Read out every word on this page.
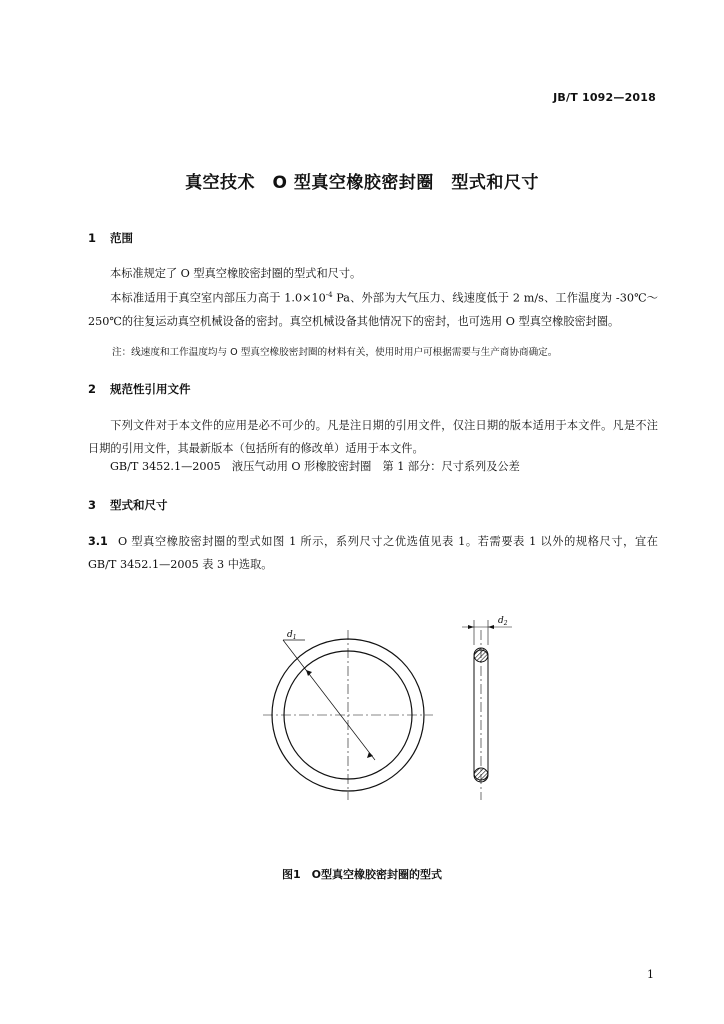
JB/T 1092—2018
真空技术　O 型真空橡胶密封圈　型式和尺寸
1 范围
本标准规定了 O 型真空橡胶密封圈的型式和尺寸。
本标准适用于真空室内部压力高于 $1.0\times 10^{-4}$ Pa、外部为大气压力、线速度低于 2 m/s、工作温度为 -30℃～250℃的往复运动真空机械设备的密封。真空机械设备其他情况下的密封，也可选用 O 型真空橡胶密封圈。
注：线速度和工作温度均与 O 型真空橡胶密封圈的材料有关，使用时用户可根据需要与生产商协商确定。
2 规范性引用文件
下列文件对于本文件的应用是必不可少的。凡是注日期的引用文件，仅注日期的版本适用于本文件。凡是不注日期的引用文件，其最新版本（包括所有的修改单）适用于本文件。
GB/T 3452.1—2005　液压气动用 O 形橡胶密封圈　第 1 部分：尺寸系列及公差
3 型式和尺寸
3.1 O 型真空橡胶密封圈的型式如图 1 所示，系列尺寸之优选值见表 1。若需要表 1 以外的规格尺寸，宜在 GB/T 3452.1—2005 表 3 中选取。
$d_1$
$d_2$
图1　O型真空橡胶密封圈的型式
1
